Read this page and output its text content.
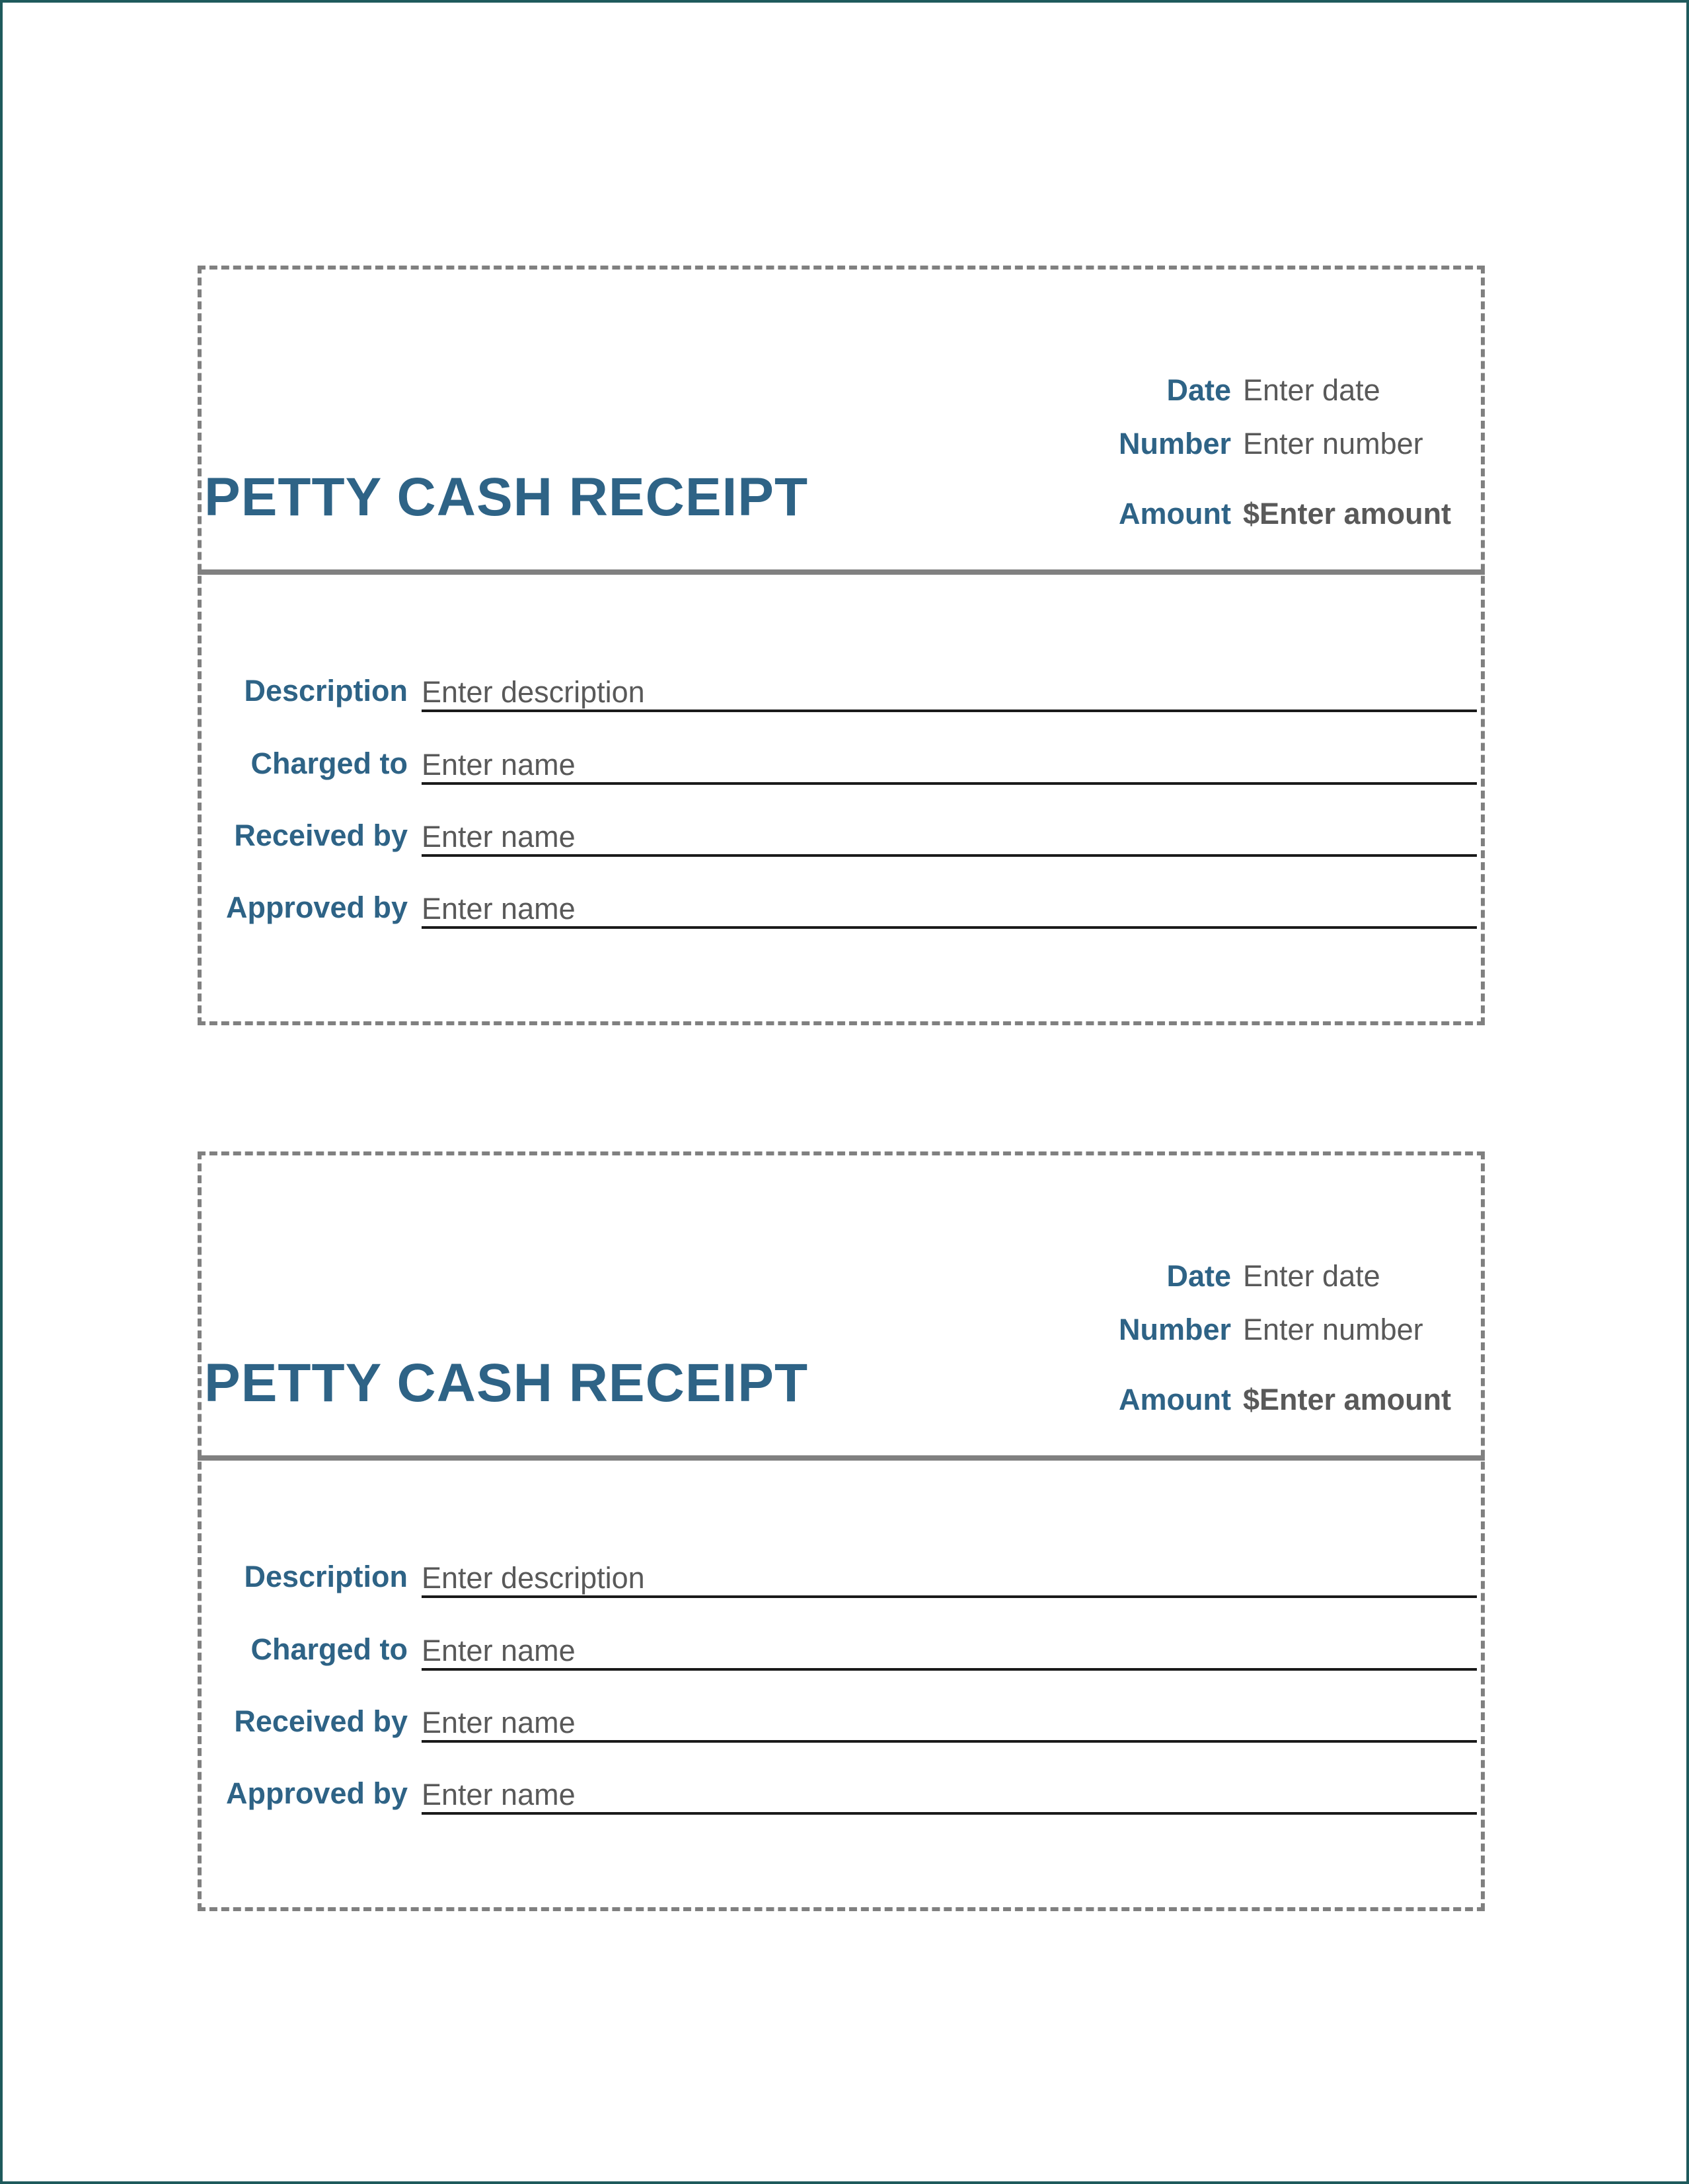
PETTY CASH RECEIPT
Date Enter date
Number Enter number
Amount $Enter amount
Description Enter description
Charged to Enter name
Received by Enter name
Approved by Enter name
PETTY CASH RECEIPT
Date Enter date
Number Enter number
Amount $Enter amount
Description Enter description
Charged to Enter name
Received by Enter name
Approved by Enter name
